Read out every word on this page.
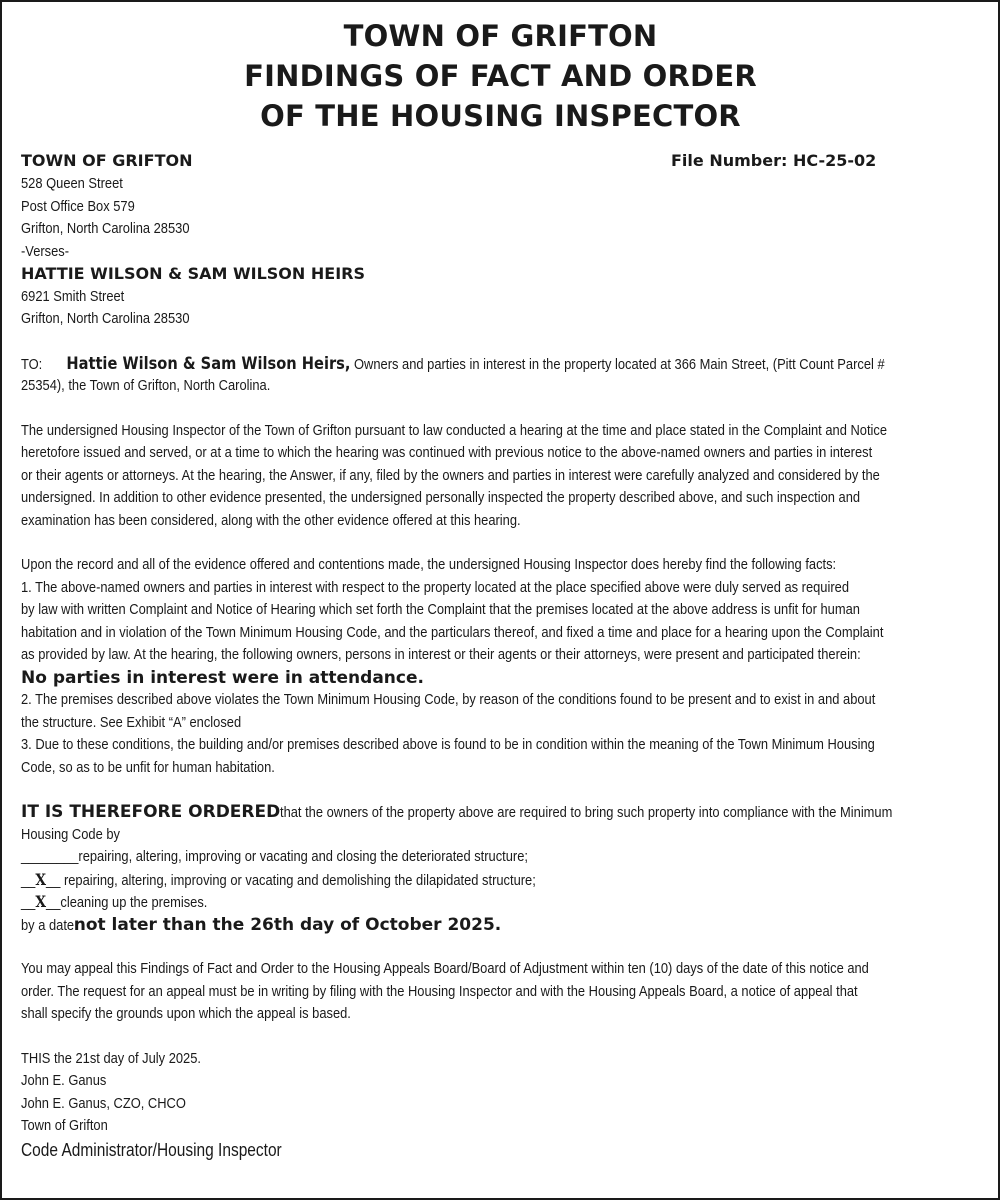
TOWN OF GRIFTON
FINDINGS OF FACT AND ORDER
OF THE HOUSING INSPECTOR
TOWN OF GRIFTON	File Number: HC-25-02
528 Queen Street
Post Office Box 579
Grifton, North Carolina 28530
-Verses-
HATTIE WILSON & SAM WILSON HEIRS
6921 Smith Street
Grifton, North Carolina 28530
TO: Hattie Wilson & Sam Wilson Heirs, Owners and parties in interest in the property located at 366 Main Street, (Pitt Count Parcel #
25354), the Town of Grifton, North Carolina.
The undersigned Housing Inspector of the Town of Grifton pursuant to law conducted a hearing at the time and place stated in the Complaint and Notice
heretofore issued and served, or at a time to which the hearing was continued with previous notice to the above-named owners and parties in interest
or their agents or attorneys. At the hearing, the Answer, if any, filed by the owners and parties in interest were carefully analyzed and considered by the
undersigned. In addition to other evidence presented, the undersigned personally inspected the property described above, and such inspection and
examination has been considered, along with the other evidence offered at this hearing.
Upon the record and all of the evidence offered and contentions made, the undersigned Housing Inspector does hereby find the following facts:
1. The above-named owners and parties in interest with respect to the property located at the place specified above were duly served as required
by law with written Complaint and Notice of Hearing which set forth the Complaint that the premises located at the above address is unfit for human
habitation and in violation of the Town Minimum Housing Code, and the particulars thereof, and fixed a time and place for a hearing upon the Complaint
as provided by law. At the hearing, the following owners, persons in interest or their agents or their attorneys, were present and participated therein:
No parties in interest were in attendance.
2. The premises described above violates the Town Minimum Housing Code, by reason of the conditions found to be present and to exist in and about
the structure. See Exhibit “A” enclosed
3. Due to these conditions, the building and/or premises described above is found to be in condition within the meaning of the Town Minimum Housing
Code, so as to be unfit for human habitation.
IT IS THEREFORE ORDEREDthat the owners of the property above are required to bring such property into compliance with the Minimum
Housing Code by
________repairing, altering, improving or vacating and closing the deteriorated structure;
__X__ repairing, altering, improving or vacating and demolishing the dilapidated structure;
__X__cleaning up the premises.
by a datenot later than the 26th day of October 2025.
You may appeal this Findings of Fact and Order to the Housing Appeals Board/Board of Adjustment within ten (10) days of the date of this notice and
order. The request for an appeal must be in writing by filing with the Housing Inspector and with the Housing Appeals Board, a notice of appeal that
shall specify the grounds upon which the appeal is based.
THIS the 21st day of July 2025.
John E. Ganus
John E. Ganus, CZO, CHCO
Town of Grifton
Code Administrator/Housing Inspector
